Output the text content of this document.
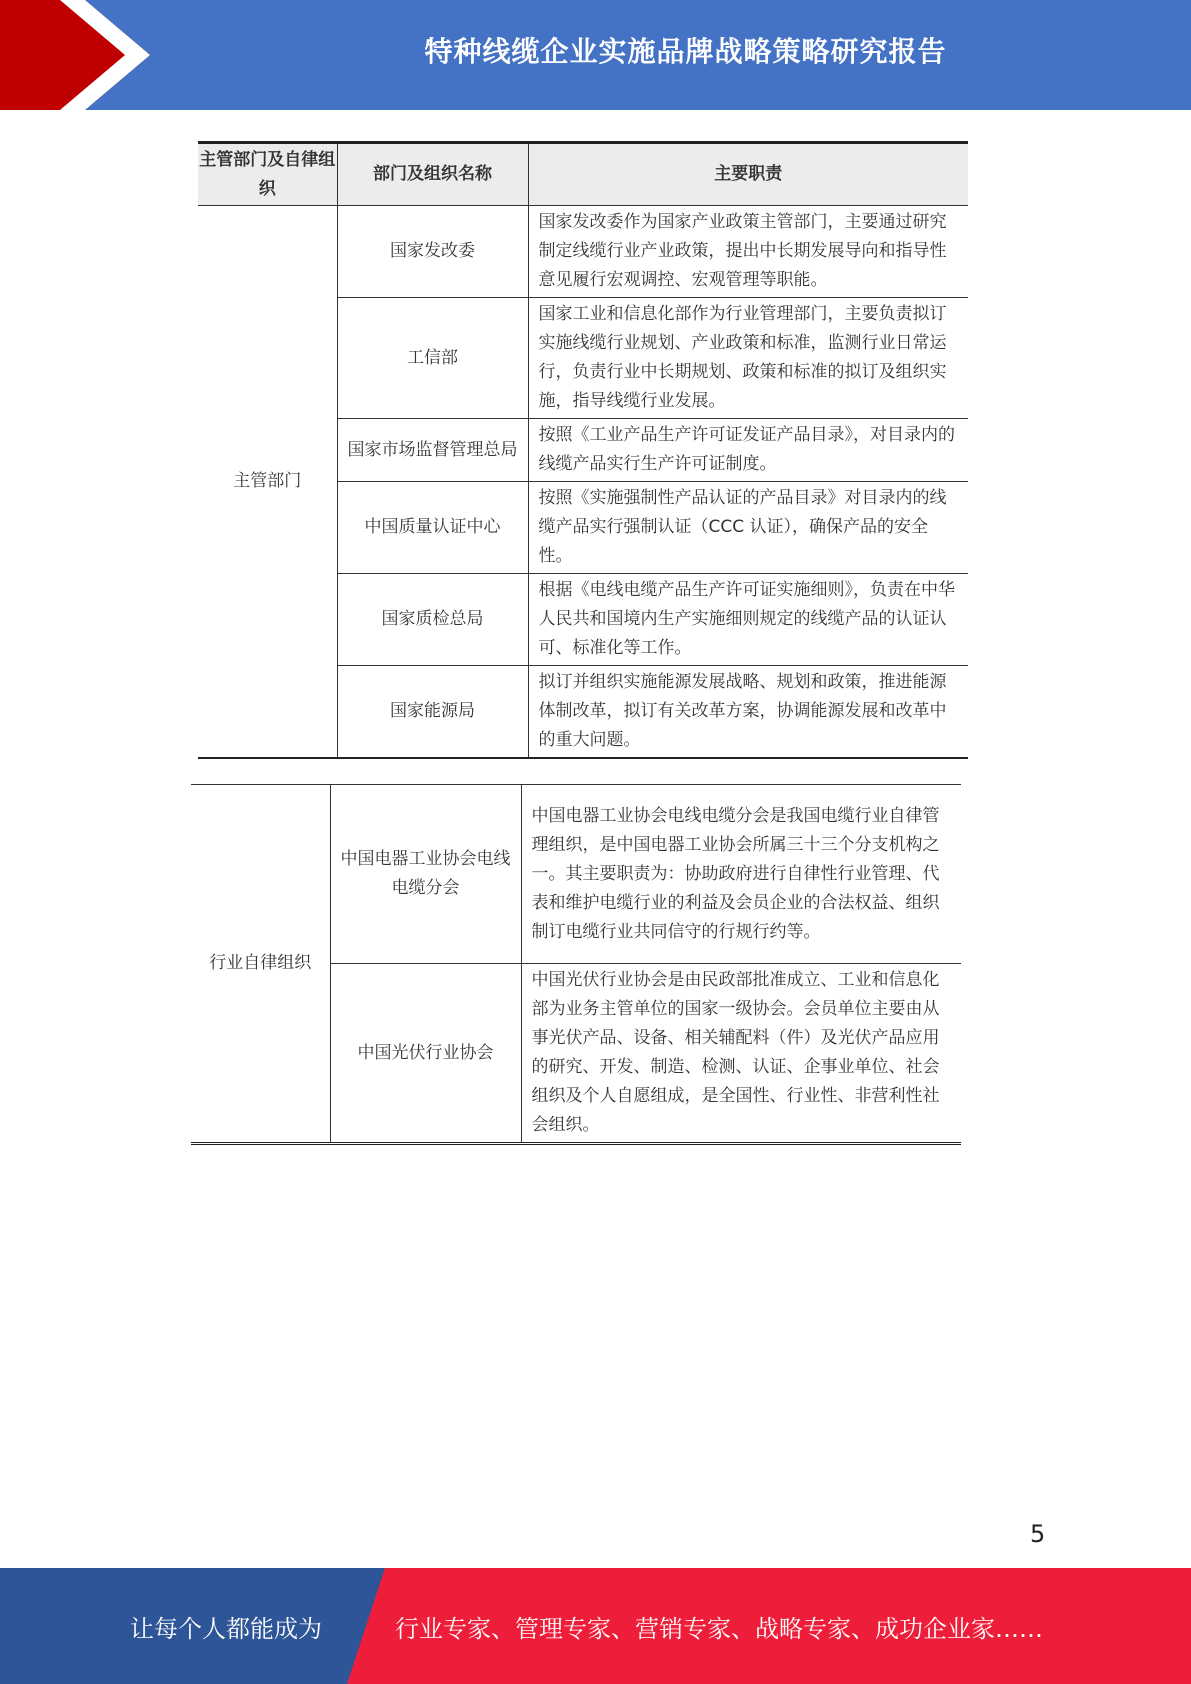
特种线缆企业实施品牌战略策略研究报告
主管部门及自律组织	部门及组织名称	主要职责
主管部门	国家发改委	国家发改委作为国家产业政策主管部门，主要通过研究制定线缆行业产业政策，提出中长期发展导向和指导性意见履行宏观调控、宏观管理等职能。
	工信部	国家工业和信息化部作为行业管理部门，主要负责拟订实施线缆行业规划、产业政策和标准，监测行业日常运行，负责行业中长期规划、政策和标准的拟订及组织实施，指导线缆行业发展。
	国家市场监督管理总局	按照《工业产品生产许可证发证产品目录》，对目录内的线缆产品实行生产许可证制度。
	中国质量认证中心	按照《实施强制性产品认证的产品目录》对目录内的线缆产品实行强制认证（CCC 认证），确保产品的安全性。
	国家质检总局	根据《电线电缆产品生产许可证实施细则》，负责在中华人民共和国境内生产实施细则规定的线缆产品的认证认可、标准化等工作。
	国家能源局	拟订并组织实施能源发展战略、规划和政策，推进能源体制改革，拟订有关改革方案，协调能源发展和改革中的重大问题。
行业自律组织	中国电器工业协会电线电缆分会	中国电器工业协会电线电缆分会是我国电缆行业自律管理组织，是中国电器工业协会所属三十三个分支机构之一。其主要职责为：协助政府进行自律性行业管理、代表和维护电缆行业的利益及会员企业的合法权益、组织制订电缆行业共同信守的行规行约等。
	中国光伏行业协会	中国光伏行业协会是由民政部批准成立、工业和信息化部为业务主管单位的国家一级协会。会员单位主要由从事光伏产品、设备、相关辅配料（件）及光伏产品应用的研究、开发、制造、检测、认证、企事业单位、社会组织及个人自愿组成，是全国性、行业性、非营利性社会组织。
5
让每个人都能成为	行业专家、管理专家、营销专家、战略专家、成功企业家……
